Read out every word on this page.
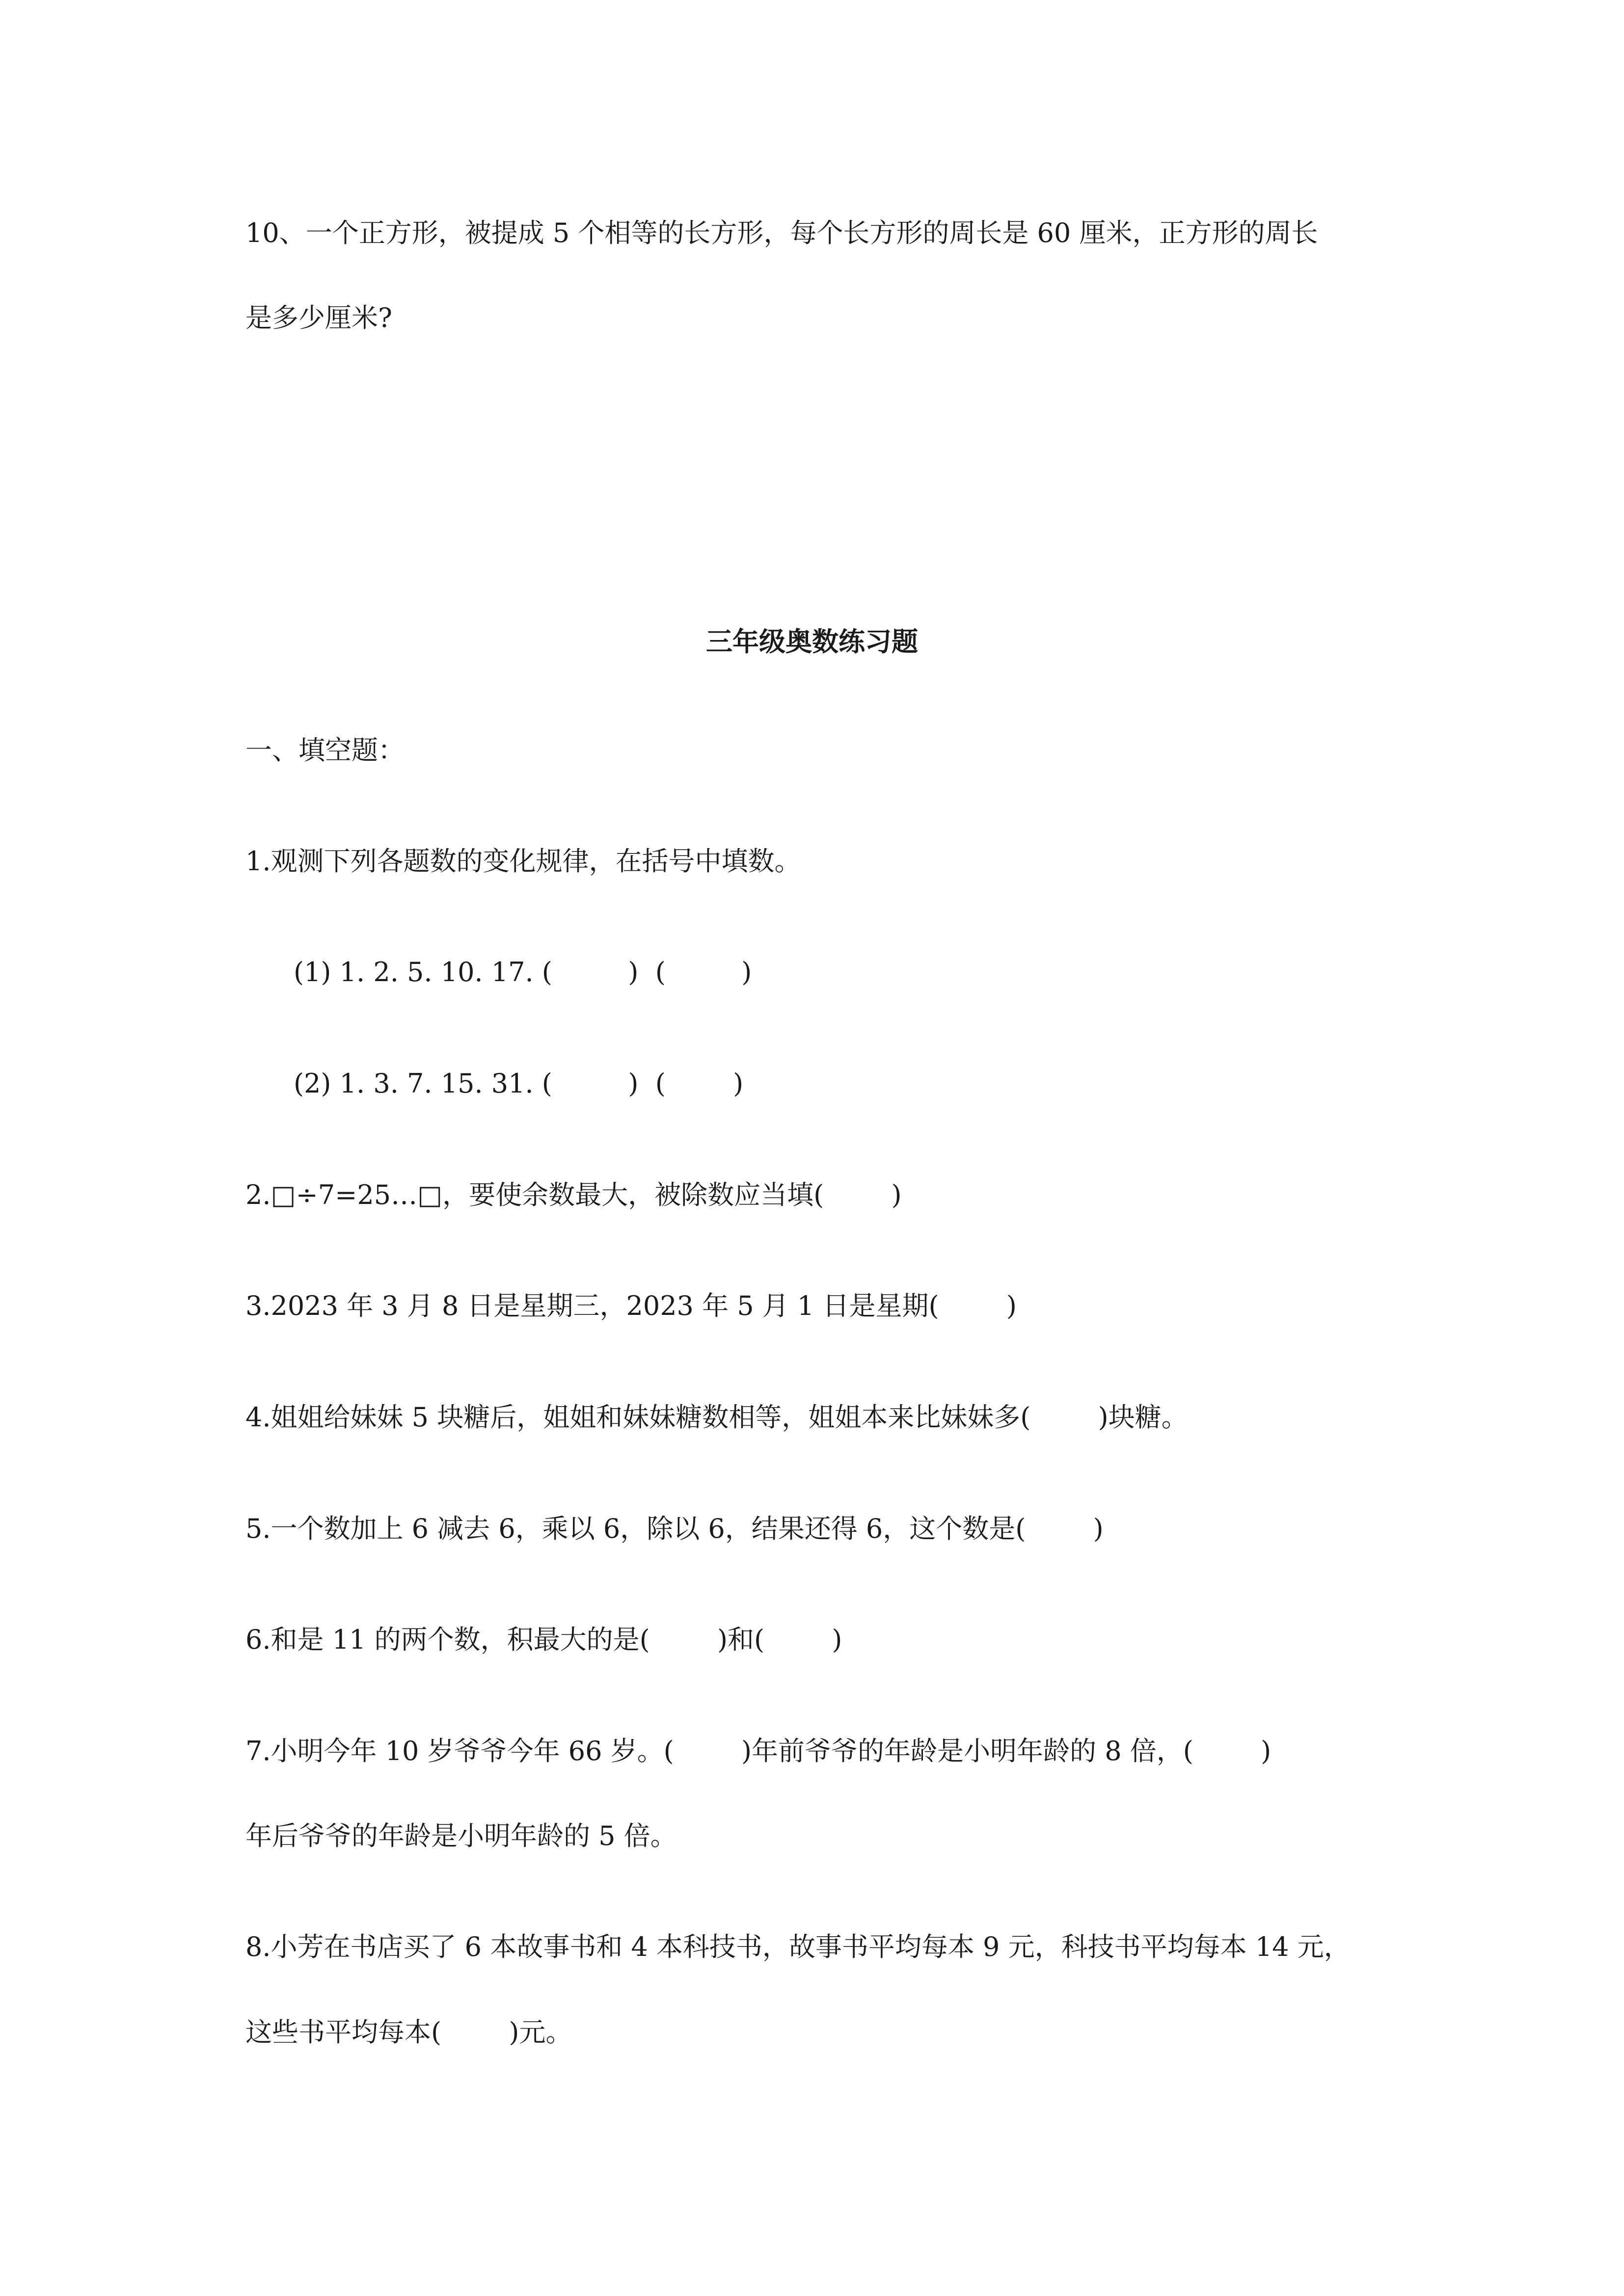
10、一个正方形，被提成 5 个相等的长方形，每个长方形的周长是 60 厘米，正方形的周长

是多少厘米?

三年级奥数练习题

一、填空题：

1.观测下列各题数的变化规律，在括号中填数。

(1) 1. 2. 5. 10. 17. (         )  (         )

(2) 1. 3. 7. 15. 31. (         )  (        )

2.□÷7=25…□，要使余数最大，被除数应当填(        )

3.2023 年 3 月 8 日是星期三，2023 年 5 月 1 日是星期(        )

4.姐姐给妹妹 5 块糖后，姐姐和妹妹糖数相等，姐姐本来比妹妹多(        )块糖。

5.一个数加上 6 减去 6，乘以 6，除以 6，结果还得 6，这个数是(        )

6.和是 11 的两个数，积最大的是(        )和(        )

7.小明今年 10 岁爷爷今年 66 岁。(        )年前爷爷的年龄是小明年龄的 8 倍，(        )

年后爷爷的年龄是小明年龄的 5 倍。

8.小芳在书店买了 6 本故事书和 4 本科技书，故事书平均每本 9 元，科技书平均每本 14 元，

这些书平均每本(        )元。
